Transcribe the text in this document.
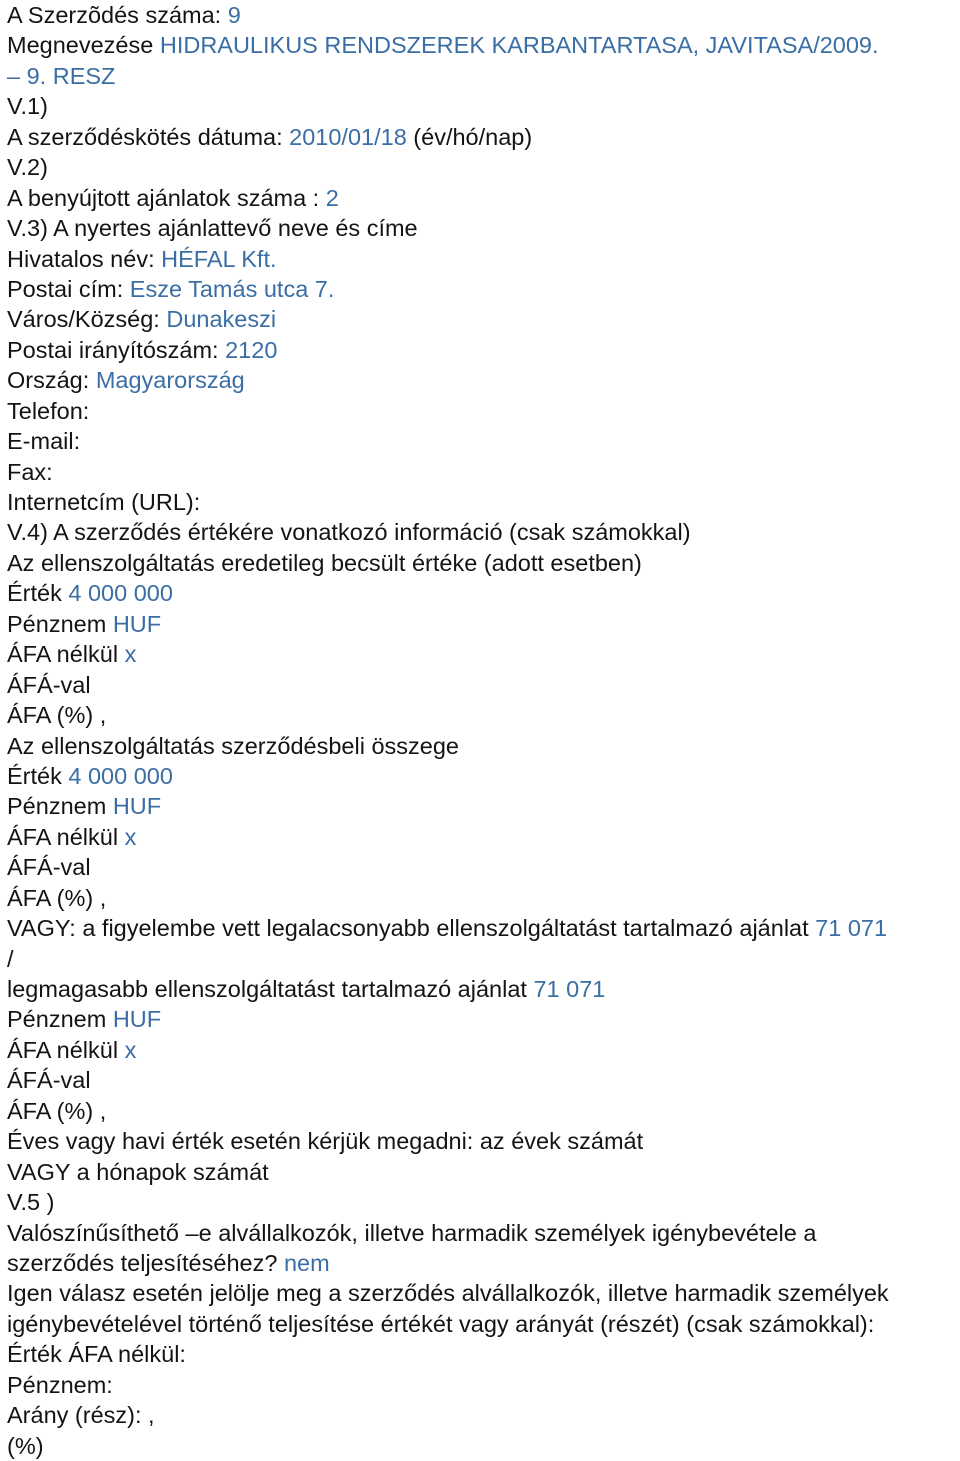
A Szerzõdés száma: 9
Megnevezése HIDRAULIKUS RENDSZEREK KARBANTARTASA, JAVITASA/2009.
– 9. RESZ
V.1)
A szerződéskötés dátuma: 2010/01/18 (év/hó/nap)
V.2)
A benyújtott ajánlatok száma : 2
V.3) A nyertes ajánlattevő neve és címe
Hivatalos név: HÉFAL Kft.
Postai cím: Esze Tamás utca 7.
Város/Község: Dunakeszi
Postai irányítószám: 2120
Ország: Magyarország
Telefon:
E-mail:
Fax:
Internetcím (URL):
V.4) A szerződés értékére vonatkozó információ (csak számokkal)
Az ellenszolgáltatás eredetileg becsült értéke (adott esetben)
Érték 4 000 000
Pénznem HUF
ÁFA nélkül x
ÁFÁ-val
ÁFA (%) ,
Az ellenszolgáltatás szerződésbeli összege
Érték 4 000 000
Pénznem HUF
ÁFA nélkül x
ÁFÁ-val
ÁFA (%) ,
VAGY: a figyelembe vett legalacsonyabb ellenszolgáltatást tartalmazó ajánlat 71 071
/
legmagasabb ellenszolgáltatást tartalmazó ajánlat 71 071
Pénznem HUF
ÁFA nélkül x
ÁFÁ-val
ÁFA (%) ,
Éves vagy havi érték esetén kérjük megadni: az évek számát
VAGY a hónapok számát
V.5 )
Valószínűsíthető –e alvállalkozók, illetve harmadik személyek igénybevétele a
szerződés teljesítéséhez? nem
Igen válasz esetén jelölje meg a szerződés alvállalkozók, illetve harmadik személyek
igénybevételével történő teljesítése értékét vagy arányát (részét) (csak számokkal):
Érték ÁFA nélkül:
Pénznem:
Arány (rész): ,
(%)
